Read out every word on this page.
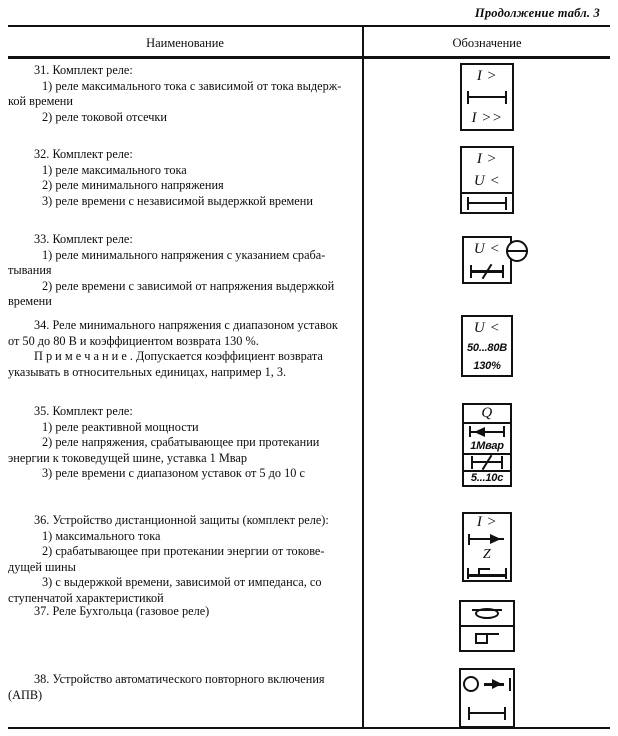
Продолжение табл. 3
Наименование	Обозначение

31. Комплект реле:

1) реле максимального тока с зависимой от тока выдерж-

кой времени

2) реле токовой отсечки

I >
I >>

32. Комплект реле:

1) реле максимального тока

2) реле минимального напряжения

3) реле времени с независимой выдержкой времени

I >
U <

33. Комплект реле:

1) реле минимального напряжения с указанием сраба-

тывания

2) реле времени с зависимой от напряжения выдержкой

времени

U <

34. Реле минимального напряжения с диапазоном уставок

от 50 до 80 В и коэффициентом возврата 130 %.

П р и м е ч а н и е . Допускается коэффициент возврата

указывать в относительных единицах, например 1, 3.

U <
50...80В
130%

35. Комплект реле:

1) реле реактивной мощности

2) реле напряжения, срабатывающее при протекании

энергии к токоведущей шине, уставка 1 Мвар

3) реле времени с диапазоном уставок от 5 до 10 с

Q
1Мвар
5...10с

36. Устройство дистанционной защиты (комплект реле):

1) максимального тока

2) срабатывающее при протекании энергии от токове-

дущей шины

3) с выдержкой времени, зависимой от импеданса, со

ступенчатой характеристикой

I >
Z

37. Реле Бухгольца (газовое реле)

38. Устройство автоматического повторного включения

(АПВ)
